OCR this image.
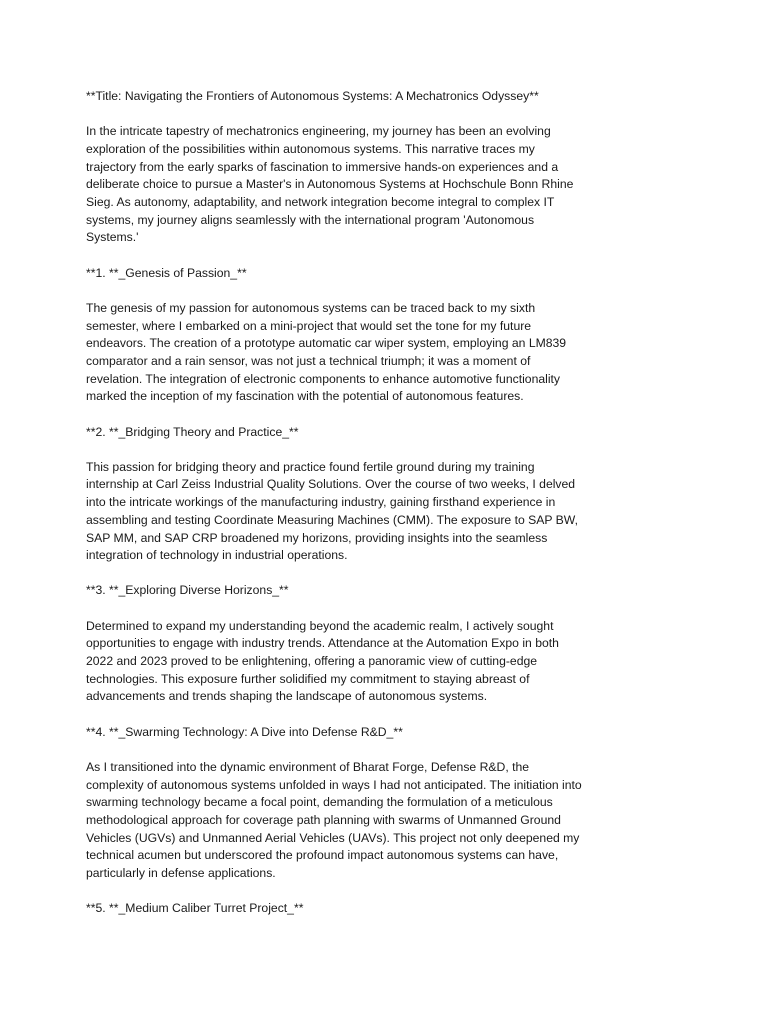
**Title: Navigating the Frontiers of Autonomous Systems: A Mechatronics Odyssey**
In the intricate tapestry of mechatronics engineering, my journey has been an evolving
exploration of the possibilities within autonomous systems. This narrative traces my
trajectory from the early sparks of fascination to immersive hands-on experiences and a
deliberate choice to pursue a Master's in Autonomous Systems at Hochschule Bonn Rhine
Sieg. As autonomy, adaptability, and network integration become integral to complex IT
systems, my journey aligns seamlessly with the international program 'Autonomous
Systems.'
**1. **_Genesis of Passion_**
The genesis of my passion for autonomous systems can be traced back to my sixth
semester, where I embarked on a mini-project that would set the tone for my future
endeavors. The creation of a prototype automatic car wiper system, employing an LM839
comparator and a rain sensor, was not just a technical triumph; it was a moment of
revelation. The integration of electronic components to enhance automotive functionality
marked the inception of my fascination with the potential of autonomous features.
**2. **_Bridging Theory and Practice_**
This passion for bridging theory and practice found fertile ground during my training
internship at Carl Zeiss Industrial Quality Solutions. Over the course of two weeks, I delved
into the intricate workings of the manufacturing industry, gaining firsthand experience in
assembling and testing Coordinate Measuring Machines (CMM). The exposure to SAP BW,
SAP MM, and SAP CRP broadened my horizons, providing insights into the seamless
integration of technology in industrial operations.
**3. **_Exploring Diverse Horizons_**
Determined to expand my understanding beyond the academic realm, I actively sought
opportunities to engage with industry trends. Attendance at the Automation Expo in both
2022 and 2023 proved to be enlightening, offering a panoramic view of cutting-edge
technologies. This exposure further solidified my commitment to staying abreast of
advancements and trends shaping the landscape of autonomous systems.
**4. **_Swarming Technology: A Dive into Defense R&D_**
As I transitioned into the dynamic environment of Bharat Forge, Defense R&D, the
complexity of autonomous systems unfolded in ways I had not anticipated. The initiation into
swarming technology became a focal point, demanding the formulation of a meticulous
methodological approach for coverage path planning with swarms of Unmanned Ground
Vehicles (UGVs) and Unmanned Aerial Vehicles (UAVs). This project not only deepened my
technical acumen but underscored the profound impact autonomous systems can have,
particularly in defense applications.
**5. **_Medium Caliber Turret Project_**
